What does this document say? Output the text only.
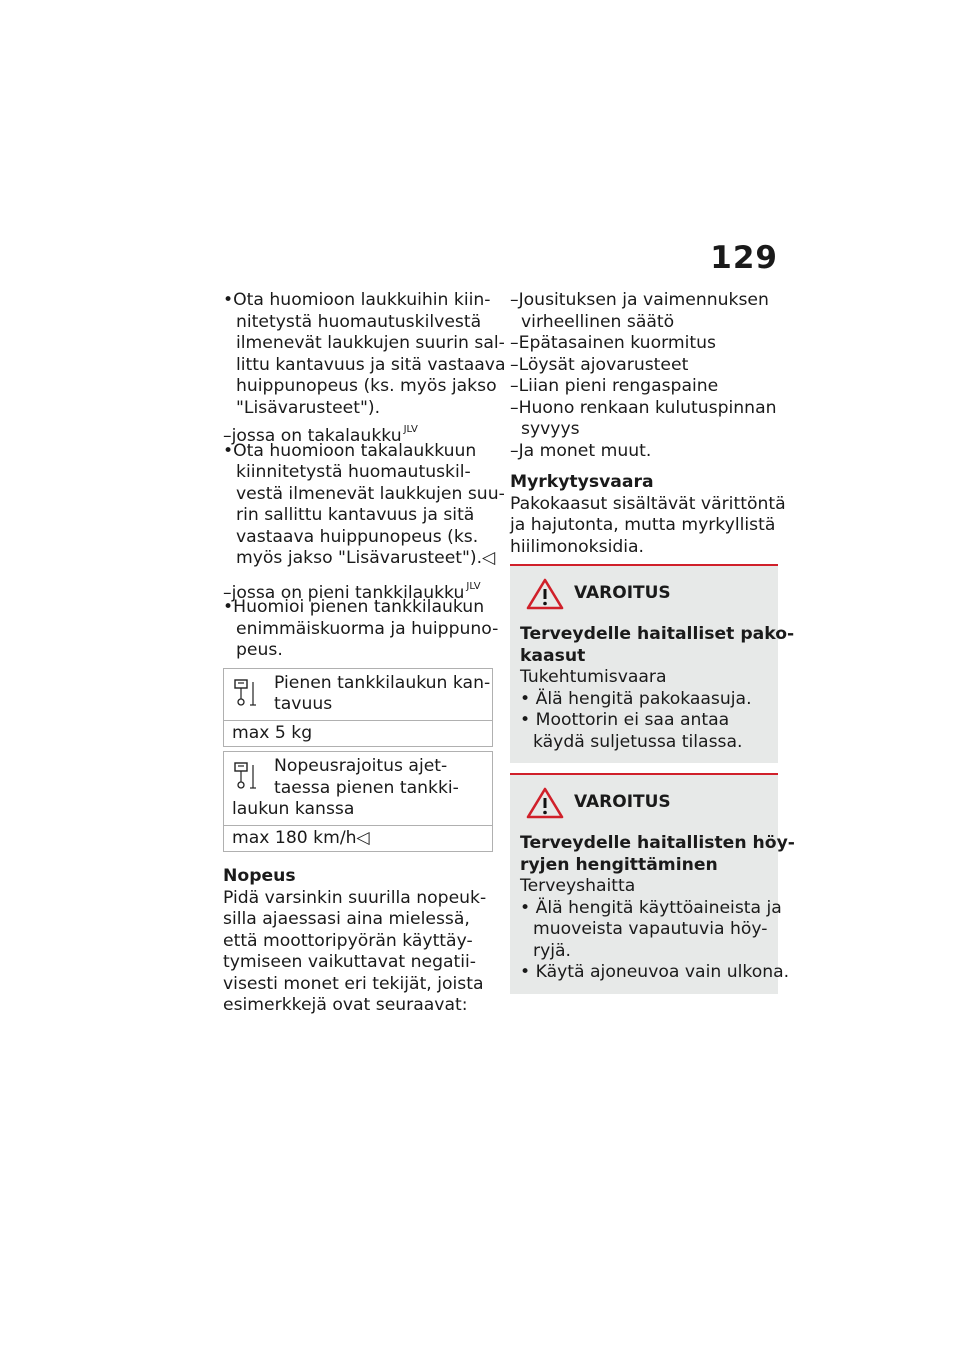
129
•Ota huomioon laukkuihin kiin-
nitetystä huomautuskilvestä
ilmenevät laukkujen suurin sal-
littu kantavuus ja sitä vastaava
huippunopeus (ks. myös jakso
"Lisävarusteet").
–jossa on takalaukku $^{JLV}$
•Ota huomioon takalaukkuun
kiinnitetystä huomautuskil-
vestä ilmenevät laukkujen suu-
rin sallittu kantavuus ja sitä
vastaava huippunopeus (ks.
myös jakso "Lisävarusteet").◁
–jossa on pieni tankkilaukku $^{JLV}$
•Huomioi pienen tankkilaukun
enimmäiskuorma ja huippuno-
peus.
Pienen tankkilaukun kan-
tavuus
max 5 kg
Nopeusrajoitus ajet-
taessa pienen tankki-
laukun kanssa
max 180 km/h◁
Nopeus
Pidä varsinkin suurilla nopeuk-
silla ajaessasi aina mielessä,
että moottoripyörän käyttäy-
tymiseen vaikuttavat negatii-
visesti monet eri tekijät, joista
esimerkkejä ovat seuraavat:
–Jousituksen ja vaimennuksen
virheellinen säätö
–Epätasainen kuormitus
–Löysät ajovarusteet
–Liian pieni rengaspaine
–Huono renkaan kulutuspinnan
syvyys
–Ja monet muut.
Myrkytysvaara
Pakokaasut sisältävät värittöntä
ja hajutonta, mutta myrkyllistä
hiilimonoksidia.
VAROITUS
Terveydelle haitalliset pako-
kaasut
Tukehtumisvaara
• Älä hengitä pakokaasuja.
• Moottorin ei saa antaa
käydä suljetussa tilassa.
VAROITUS
Terveydelle haitallisten höy-
ryjen hengittäminen
Terveyshaitta
• Älä hengitä käyttöaineista ja
muoveista vapautuvia höy-
ryjä.
• Käytä ajoneuvoa vain ulkona.
